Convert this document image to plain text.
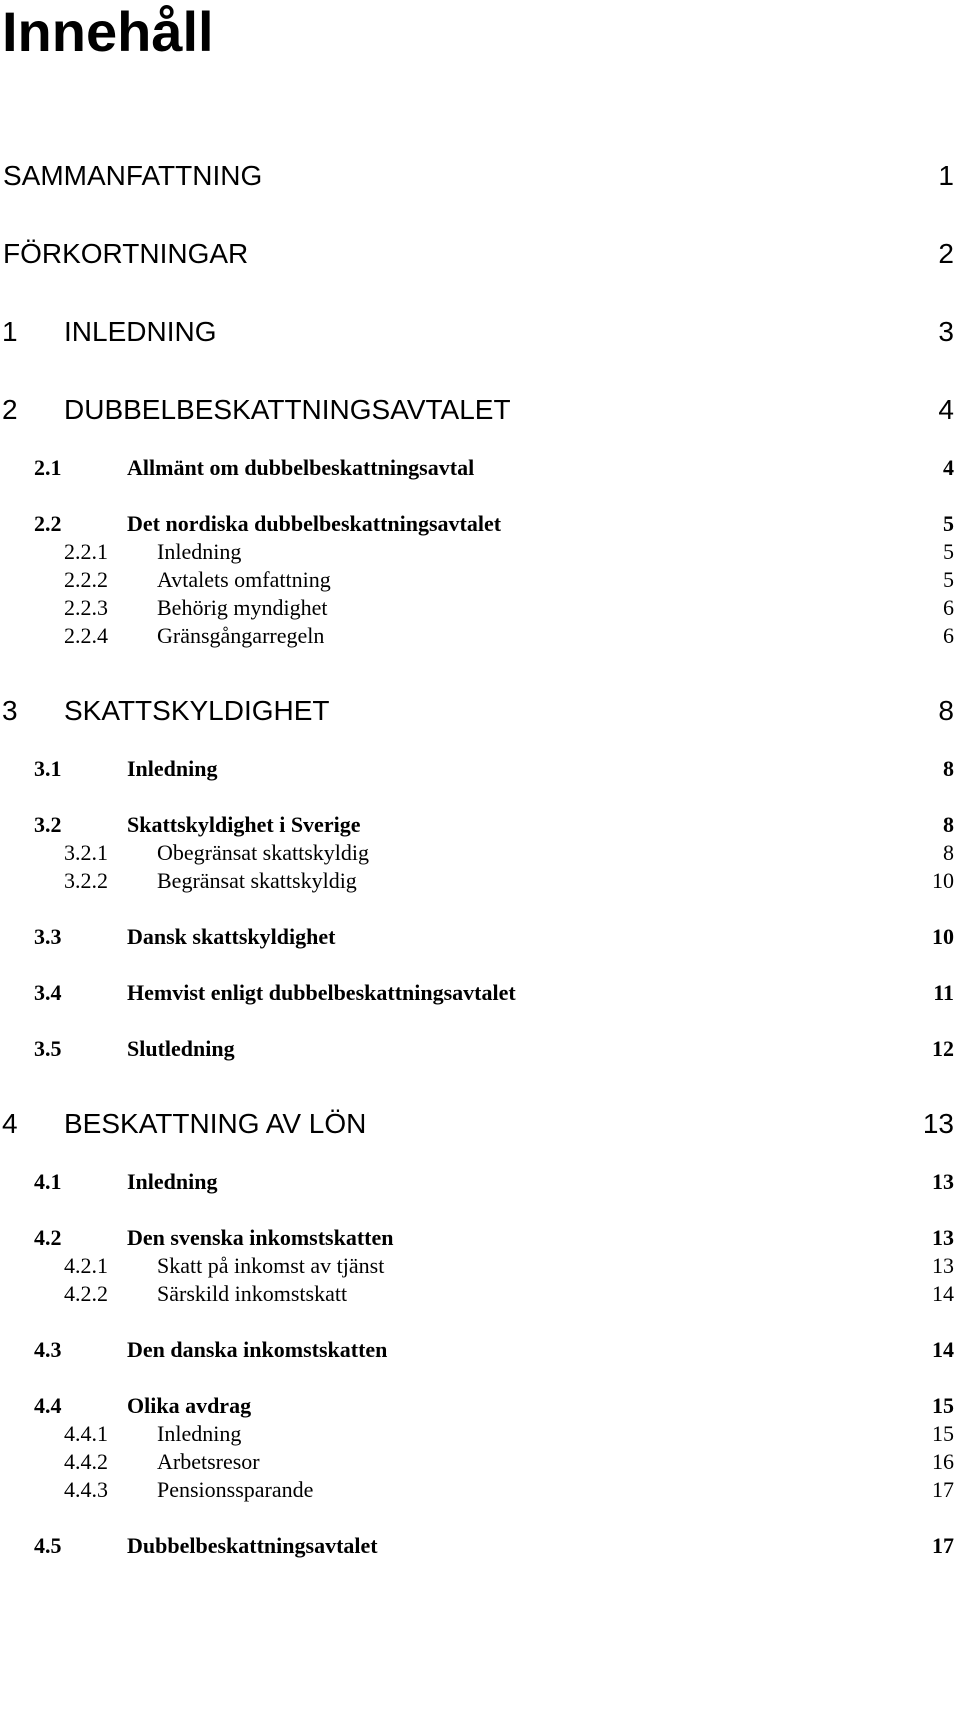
Innehåll
SAMMANFATTNING	1
FÖRKORTNINGAR	2
1 INLEDNING	3
2 DUBBELBESKATTNINGSAVTALET	4
2.1	Allmänt om dubbelbeskattningsavtal	4
2.2	Det nordiska dubbelbeskattningsavtalet	5
2.2.1 Inledning	5
2.2.2 Avtalets omfattning	5
2.2.3 Behörig myndighet	6
2.2.4 Gränsgångarregeln	6
3 SKATTSKYLDIGHET	8
3.1	Inledning	8
3.2	Skattskyldighet i Sverige	8
3.2.1 Obegränsat skattskyldig	8
3.2.2 Begränsat skattskyldig	10
3.3	Dansk skattskyldighet	10
3.4	Hemvist enligt dubbelbeskattningsavtalet	11
3.5	Slutledning	12
4 BESKATTNING AV LÖN	13
4.1	Inledning	13
4.2	Den svenska inkomstskatten	13
4.2.1 Skatt på inkomst av tjänst	13
4.2.2 Särskild inkomstskatt	14
4.3	Den danska inkomstskatten	14
4.4	Olika avdrag	15
4.4.1 Inledning	15
4.4.2 Arbetsresor	16
4.4.3 Pensionssparande	17
4.5	Dubbelbeskattningsavtalet	17
